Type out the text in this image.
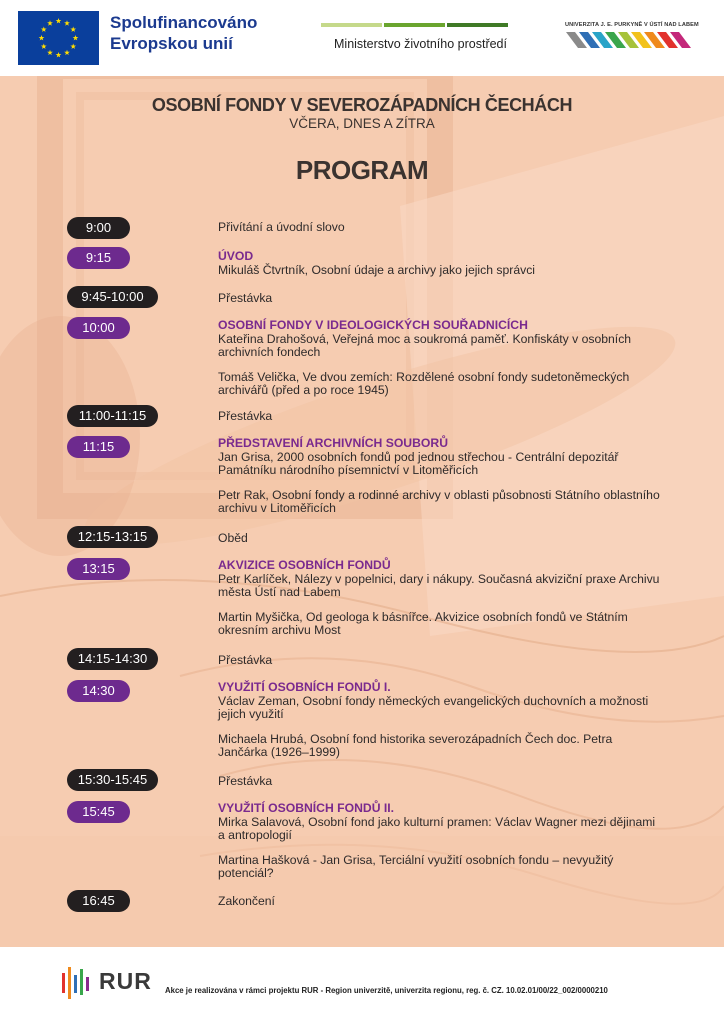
Spolufinancováno
Evropskou unií	Ministerstvo životního prostředí
UNIVERZITA J. E. PURKYNĚ V ÚSTÍ NAD LABEM
OSOBNÍ FONDY V SEVEROZÁPADNÍCH ČECHÁCH
VČERA, DNES A ZÍTRA
PROGRAM
9:00	Přivítání a úvodní slovo

9:15	ÚVOD

Mikuláš Čtvrtník, Osobní údaje a archivy jako jejich správci

9:45-10:00	Přestávka

10:00	OSOBNÍ FONDY V IDEOLOGICKÝCH SOUŘADNICÍCH

Kateřina Drahošová, Veřejná moc a soukromá paměť. Konfiskáty v osobních archivních fondech

Tomáš Velička, Ve dvou zemích: Rozdělené osobní fondy sudetoněmeckých archivářů (před a po roce 1945)

11:00-11:15	Přestávka

11:15	PŘEDSTAVENÍ ARCHIVNÍCH SOUBORŮ

Jan Grisa, 2000 osobních fondů pod jednou střechou - Centrální depozitář Památníku národního písemnictví v Litoměřicích

Petr Rak, Osobní fondy a rodinné archivy v oblasti působnosti Státního oblastního archivu v Litoměřicích

12:15-13:15	Oběd

13:15	AKVIZICE OSOBNÍCH FONDŮ

Petr Karlíček, Nálezy v popelnici, dary i nákupy. Současná akviziční praxe Archivu města Ústí nad Labem

Martin Myšička, Od geologa k básnířce. Akvizice osobních fondů ve Státním okresním archivu Most

14:15-14:30	Přestávka

14:30	VYUŽITÍ OSOBNÍCH FONDŮ I.

Václav Zeman, Osobní fondy německých evangelických duchovních a možnosti jejich využití

Michaela Hrubá, Osobní fond historika severozápadních Čech doc. Petra Jančárka (1926–1999)

15:30-15:45	Přestávka

15:45	VYUŽITÍ OSOBNÍCH FONDŮ II.

Mirka Salavová, Osobní fond jako kulturní pramen: Václav Wagner mezi dějinami a antropologií

Martina Hašková - Jan Grisa, Terciální využití osobních fondu – nevyužitý potenciál?

16:45	Zakončení

RUR Akce je realizována v rámci projektu RUR - Region univerzitě, univerzita regionu, reg. č. CZ. 10.02.01/00/22_002/0000210
